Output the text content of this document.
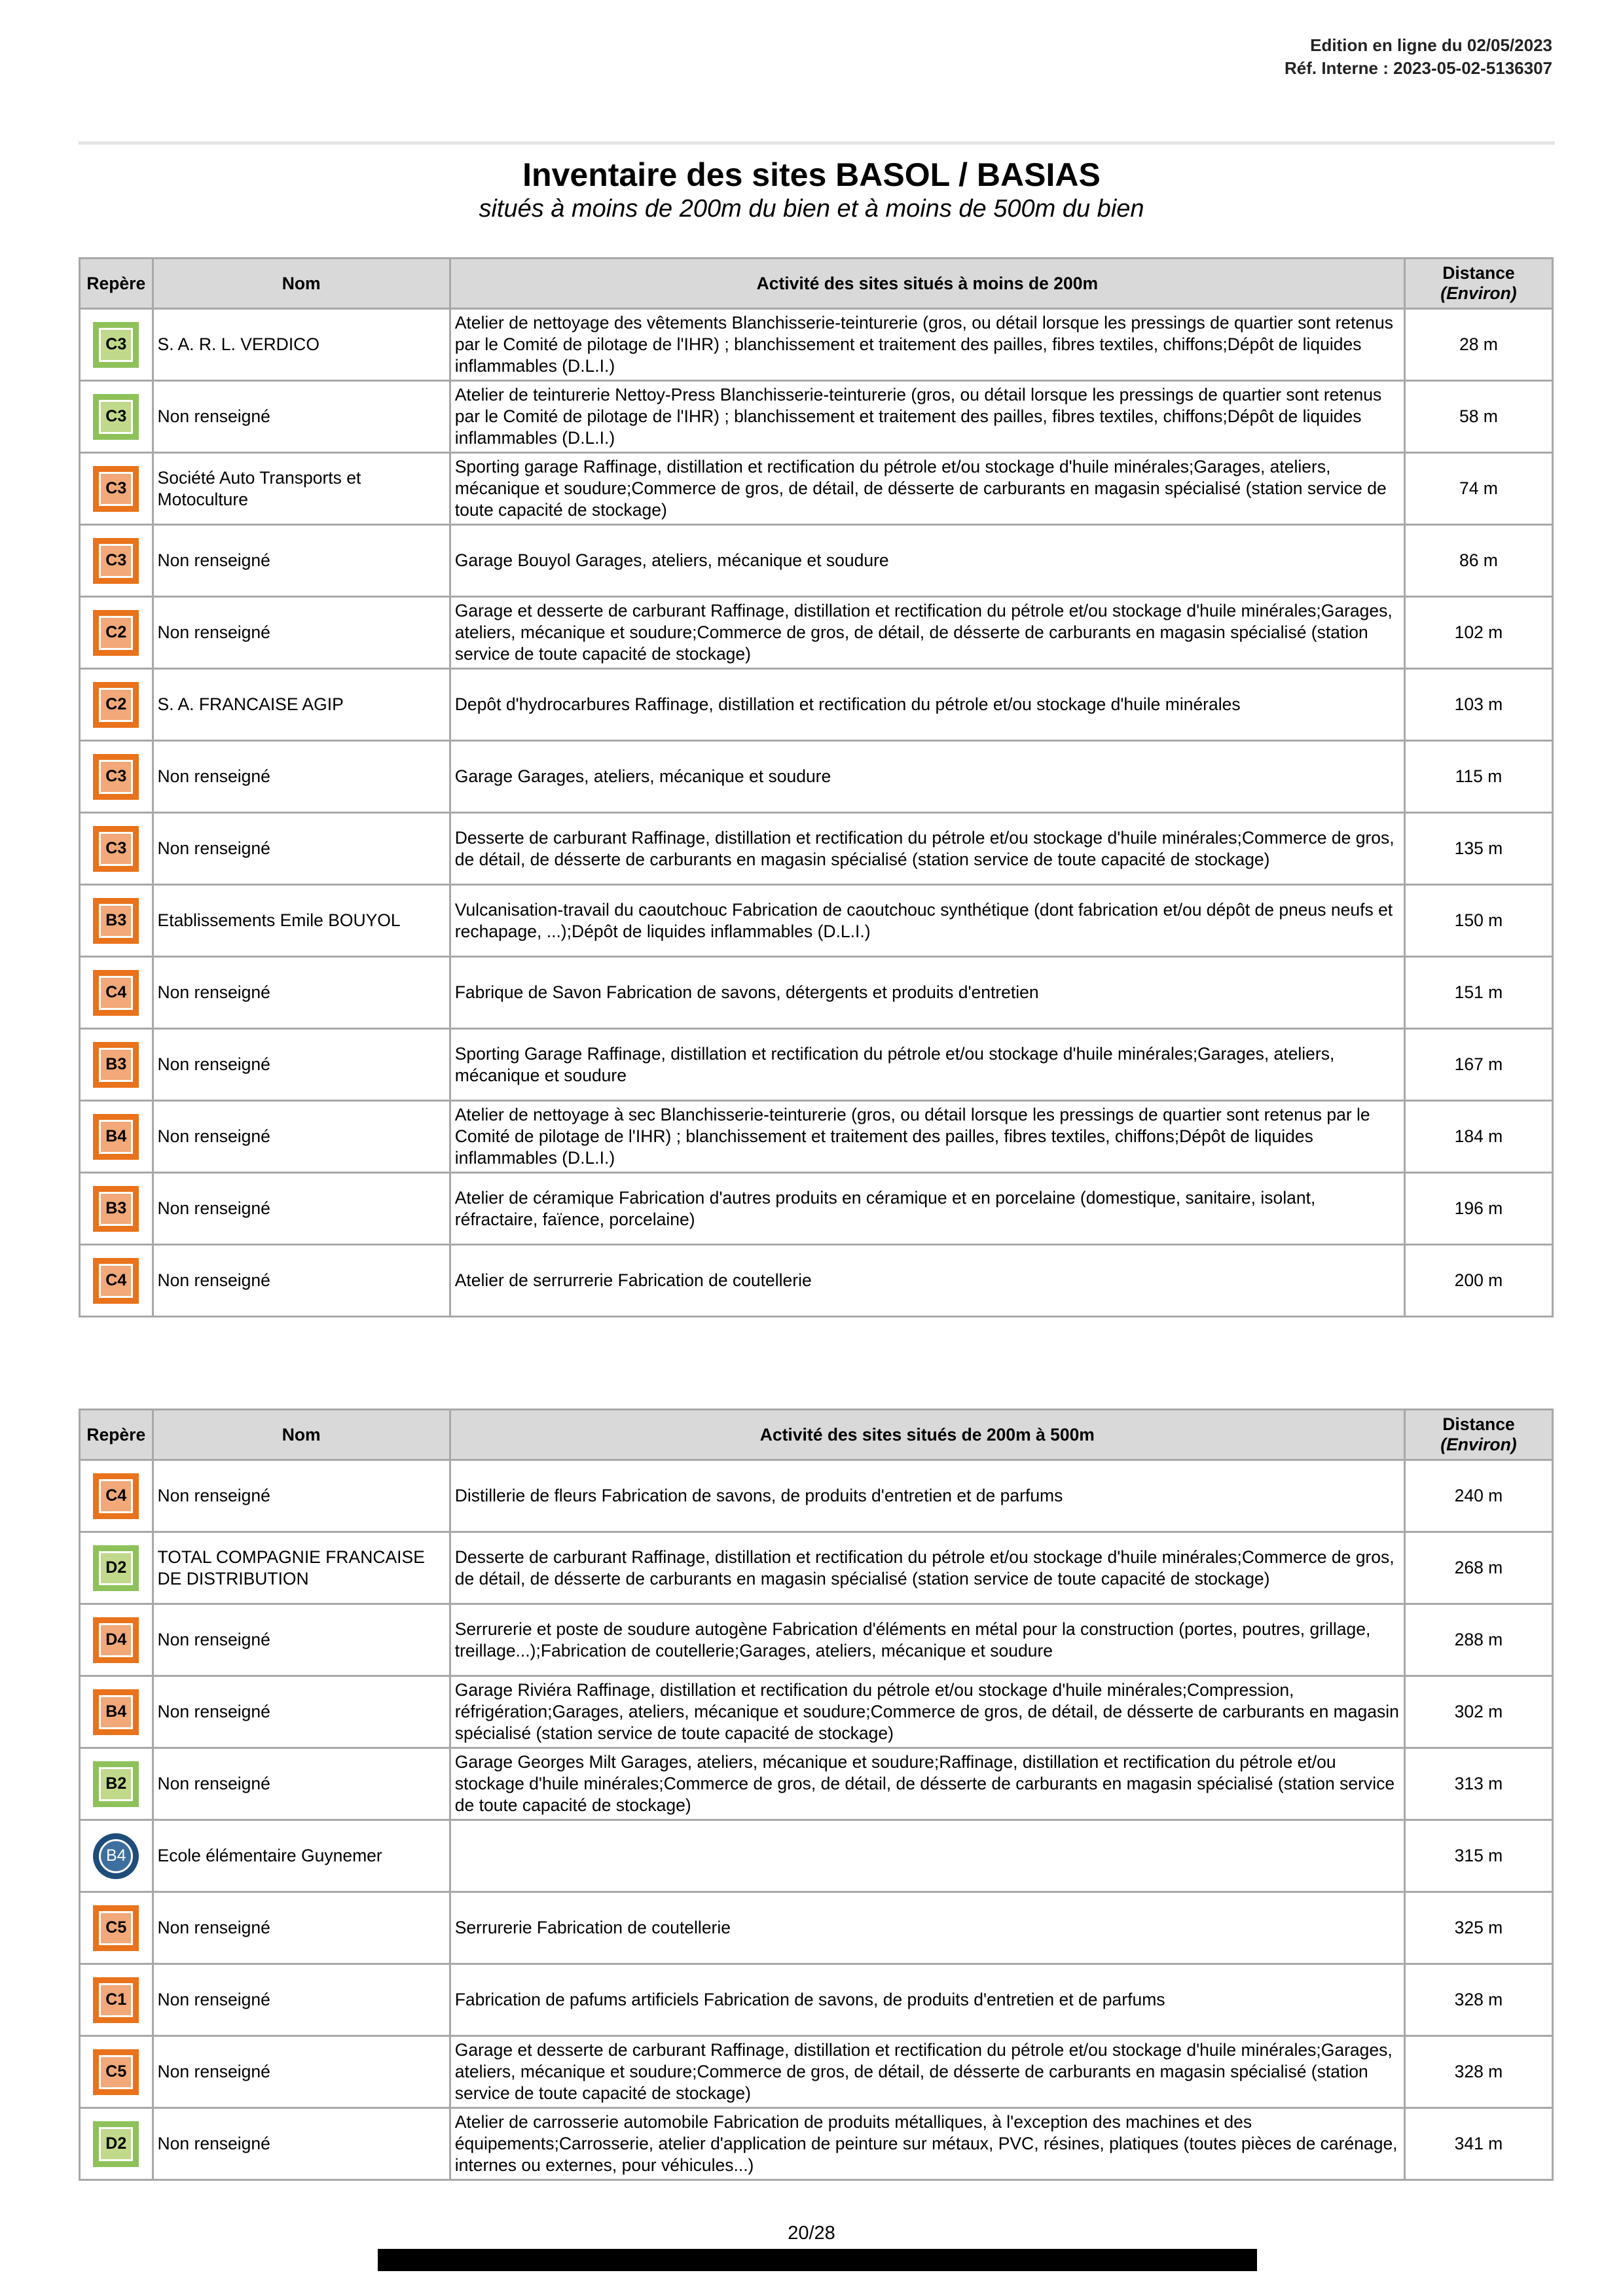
Edition en ligne du 02/05/2023
Réf. Interne : 2023-05-02-5136307
Inventaire des sites BASOL / BASIAS
situés à moins de 200m du bien et à moins de 500m du bien
Repère	Nom	Activité des sites situés à moins de 200m	Distance
(Environ)

C3	S. A. R. L. VERDICO	Atelier de nettoyage des vêtements Blanchisserie-teinturerie (gros, ou détail lorsque les pressings de quartier sont retenus par le Comité de pilotage de l'IHR) ; blanchissement et traitement des pailles, fibres textiles, chiffons;Dépôt de liquides inflammables (D.L.I.)	28 m

C3	Non renseigné	Atelier de teinturerie Nettoy-Press Blanchisserie-teinturerie (gros, ou détail lorsque les pressings de quartier sont retenus par le Comité de pilotage de l'IHR) ; blanchissement et traitement des pailles, fibres textiles, chiffons;Dépôt de liquides inflammables (D.L.I.)	58 m

C3	Société Auto Transports et Motoculture	Sporting garage Raffinage, distillation et rectification du pétrole et/ou stockage d'huile minérales;Garages, ateliers, mécanique et soudure;Commerce de gros, de détail, de désserte de carburants en magasin spécialisé (station service de toute capacité de stockage)	74 m

C3	Non renseigné	Garage Bouyol Garages, ateliers, mécanique et soudure	86 m

C2	Non renseigné	Garage et desserte de carburant Raffinage, distillation et rectification du pétrole et/ou stockage d'huile minérales;Garages, ateliers, mécanique et soudure;Commerce de gros, de détail, de désserte de carburants en magasin spécialisé (station service de toute capacité de stockage)	102 m

C2	S. A. FRANCAISE AGIP	Depôt d'hydrocarbures Raffinage, distillation et rectification du pétrole et/ou stockage d'huile minérales	103 m

C3	Non renseigné	Garage Garages, ateliers, mécanique et soudure	115 m

C3	Non renseigné	Desserte de carburant Raffinage, distillation et rectification du pétrole et/ou stockage d'huile minérales;Commerce de gros, de détail, de désserte de carburants en magasin spécialisé (station service de toute capacité de stockage)	135 m

B3	Etablissements Emile BOUYOL	Vulcanisation-travail du caoutchouc Fabrication de caoutchouc synthétique (dont fabrication et/ou dépôt de pneus neufs et rechapage, ...);Dépôt de liquides inflammables (D.L.I.)	150 m

C4	Non renseigné	Fabrique de Savon Fabrication de savons, détergents et produits d'entretien	151 m

B3	Non renseigné	Sporting Garage Raffinage, distillation et rectification du pétrole et/ou stockage d'huile minérales;Garages, ateliers, mécanique et soudure	167 m

B4	Non renseigné	Atelier de nettoyage à sec Blanchisserie-teinturerie (gros, ou détail lorsque les pressings de quartier sont retenus par le Comité de pilotage de l'IHR) ; blanchissement et traitement des pailles, fibres textiles, chiffons;Dépôt de liquides inflammables (D.L.I.)	184 m

B3	Non renseigné	Atelier de céramique Fabrication d'autres produits en céramique et en porcelaine (domestique, sanitaire, isolant, réfractaire, faïence, porcelaine)	196 m

C4	Non renseigné	Atelier de serrurrerie Fabrication de coutellerie	200 m
Repère	Nom	Activité des sites situés de 200m à 500m	Distance
(Environ)

C4	Non renseigné	Distillerie de fleurs Fabrication de savons, de produits d'entretien et de parfums	240 m

D2	TOTAL COMPAGNIE FRANCAISE DE DISTRIBUTION	Desserte de carburant Raffinage, distillation et rectification du pétrole et/ou stockage d'huile minérales;Commerce de gros, de détail, de désserte de carburants en magasin spécialisé (station service de toute capacité de stockage)	268 m

D4	Non renseigné	Serrurerie et poste de soudure autogène Fabrication d'éléments en métal pour la construction (portes, poutres, grillage, treillage...);Fabrication de coutellerie;Garages, ateliers, mécanique et soudure	288 m

B4	Non renseigné	Garage Riviéra Raffinage, distillation et rectification du pétrole et/ou stockage d'huile minérales;Compression, réfrigération;Garages, ateliers, mécanique et soudure;Commerce de gros, de détail, de désserte de carburants en magasin spécialisé (station service de toute capacité de stockage)	302 m

B2	Non renseigné	Garage Georges Milt Garages, ateliers, mécanique et soudure;Raffinage, distillation et rectification du pétrole et/ou stockage d'huile minérales;Commerce de gros, de détail, de désserte de carburants en magasin spécialisé (station service de toute capacité de stockage)	313 m

B4	Ecole élémentaire Guynemer		315 m

C5	Non renseigné	Serrurerie Fabrication de coutellerie	325 m

C1	Non renseigné	Fabrication de pafums artificiels Fabrication de savons, de produits d'entretien et de parfums	328 m

C5	Non renseigné	Garage et desserte de carburant Raffinage, distillation et rectification du pétrole et/ou stockage d'huile minérales;Garages, ateliers, mécanique et soudure;Commerce de gros, de détail, de désserte de carburants en magasin spécialisé (station service de toute capacité de stockage)	328 m

D2	Non renseigné	Atelier de carrosserie automobile Fabrication de produits métalliques, à l'exception des machines et des équipements;Carrosserie, atelier d'application de peinture sur métaux, PVC, résines, platiques (toutes pièces de carénage, internes ou externes, pour véhicules...)	341 m
20/28
